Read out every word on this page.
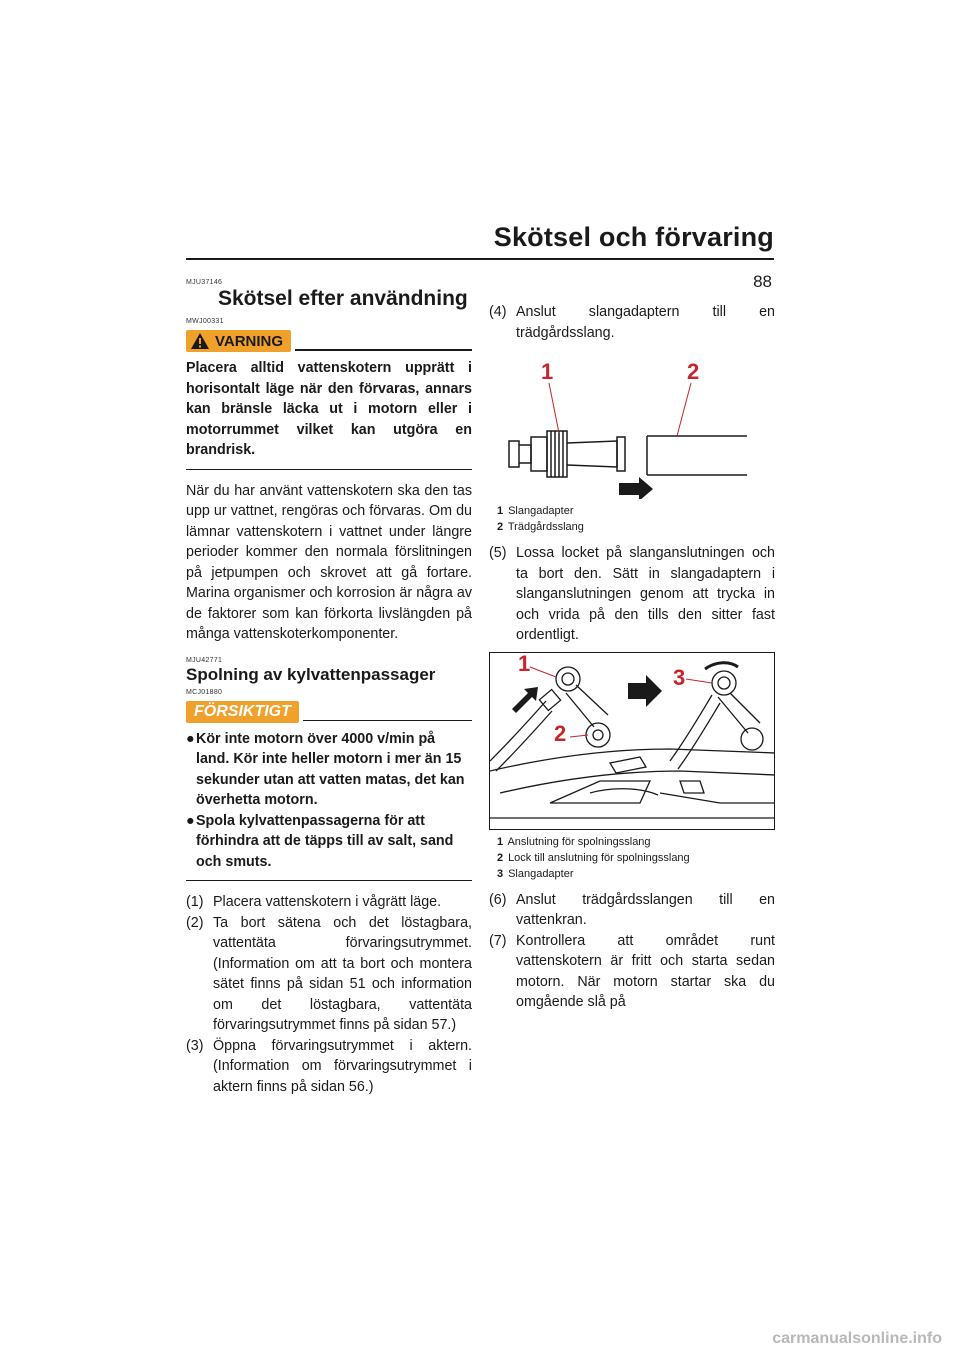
Skötsel och förvaring
88
MJU37146
Skötsel efter användning
MWJ00331
VARNING
Placera alltid vattenskotern upprätt i horisontalt läge när den förvaras, annars kan bränsle läcka ut i motorn eller i motorrummet vilket kan utgöra en brandrisk.
När du har använt vattenskotern ska den tas upp ur vattnet, rengöras och förvaras. Om du lämnar vattenskotern i vattnet under längre perioder kommer den normala förslitningen på jetpumpen och skrovet att gå fortare. Marina organismer och korrosion är några av de faktorer som kan förkorta livslängden på många vattenskoterkomponenter.
MJU42771
Spolning av kylvattenpassager
MCJ01880
FÖRSIKTIGT
● Kör inte motorn över 4000 v/min på land. Kör inte heller motorn i mer än 15 sekunder utan att vatten matas, det kan överhetta motorn.
● Spola kylvattenpassagerna för att förhindra att de täpps till av salt, sand och smuts.
(1) Placera vattenskotern i vågrätt läge.
(2) Ta bort sätena och det löstagbara, vattentäta förvaringsutrymmet. (Information om att ta bort och montera sätet finns på sidan 51 och information om det löstagbara, vattentäta förvaringsutrymmet finns på sidan 57.)
(3) Öppna förvaringsutrymmet i aktern. (Information om förvaringsutrymmet i aktern finns på sidan 56.)
(4) Anslut slangadaptern till en trädgårdsslang.
1	2
1 Slangadapter
2 Trädgårdsslang
(5) Lossa locket på slanganslutningen och ta bort den. Sätt in slangadaptern i slanganslutningen genom att trycka in och vrida på den tills den sitter fast ordentligt.
1
2
3
1 Anslutning för spolningsslang
2 Lock till anslutning för spolningsslang
3 Slangadapter
(6) Anslut trädgårdsslangen till en vattenkran.
(7) Kontrollera att området runt vattenskotern är fritt och starta sedan motorn. När motorn startar ska du omgående slå på
carmanualsonline.info
